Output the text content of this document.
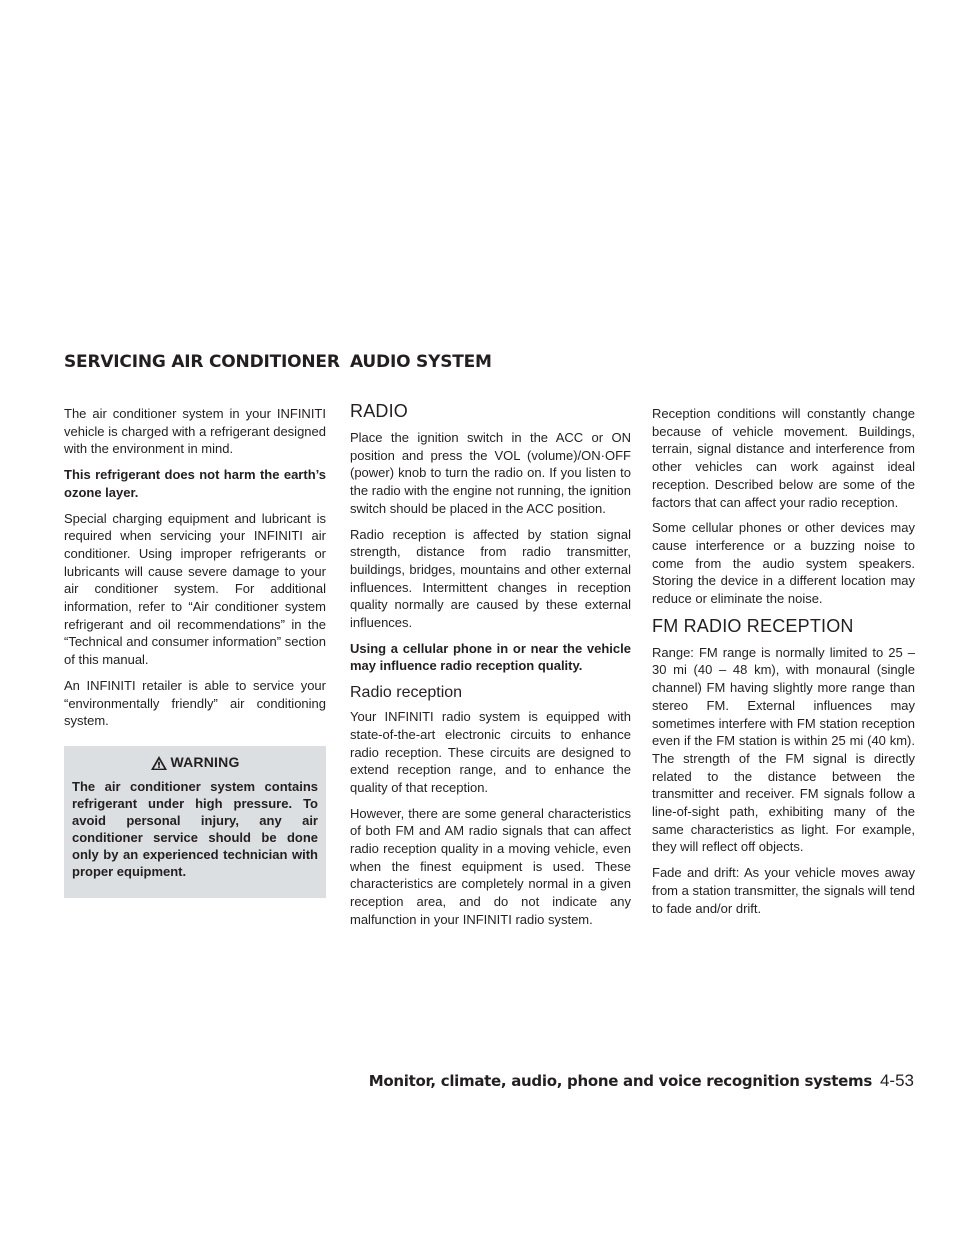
SERVICING AIR CONDITIONER AUDIO SYSTEM

The air conditioner system in your INFINITI vehicle is charged with a refrigerant designed with the environment in mind.

This refrigerant does not harm the earth’s ozone layer.

Special charging equipment and lubricant is required when servicing your INFINITI air conditioner. Using improper refrigerants or lubricants will cause severe damage to your air conditioner system. For additional information, refer to “Air conditioner system refrigerant and oil recommendations” in the “Technical and consumer information” section of this manual.

An INFINITI retailer is able to service your “environmentally friendly” air conditioning system.

WARNING

The air conditioner system contains refrigerant under high pressure. To avoid personal injury, any air conditioner service should be done only by an experienced technician with proper equipment.

RADIO

Place the ignition switch in the ACC or ON position and press the VOL (volume)/ON·OFF (power) knob to turn the radio on. If you listen to the radio with the engine not running, the ignition switch should be placed in the ACC position.

Radio reception is affected by station signal strength, distance from radio transmitter, buildings, bridges, mountains and other external influences. Intermittent changes in reception quality normally are caused by these external influences.

Using a cellular phone in or near the vehicle may influence radio reception quality.

Radio reception

Your INFINITI radio system is equipped with state-of-the-art electronic circuits to enhance radio reception. These circuits are designed to extend reception range, and to enhance the quality of that reception.

However, there are some general characteristics of both FM and AM radio signals that can affect radio reception quality in a moving vehicle, even when the finest equipment is used. These characteristics are completely normal in a given reception area, and do not indicate any malfunction in your INFINITI radio system.

Reception conditions will constantly change because of vehicle movement. Buildings, terrain, signal distance and interference from other vehicles can work against ideal reception. Described below are some of the factors that can affect your radio reception.

Some cellular phones or other devices may cause interference or a buzzing noise to come from the audio system speakers. Storing the device in a different location may reduce or eliminate the noise.

FM RADIO RECEPTION

Range: FM range is normally limited to 25 – 30 mi (40 – 48 km), with monaural (single channel) FM having slightly more range than stereo FM. External influences may sometimes interfere with FM station reception even if the FM station is within 25 mi (40 km). The strength of the FM signal is directly related to the distance between the transmitter and receiver. FM signals follow a line-of-sight path, exhibiting many of the same characteristics as light. For example, they will reflect off objects.

Fade and drift: As your vehicle moves away from a station transmitter, the signals will tend to fade and/or drift.

Monitor, climate, audio, phone and voice recognition systems 4-53
